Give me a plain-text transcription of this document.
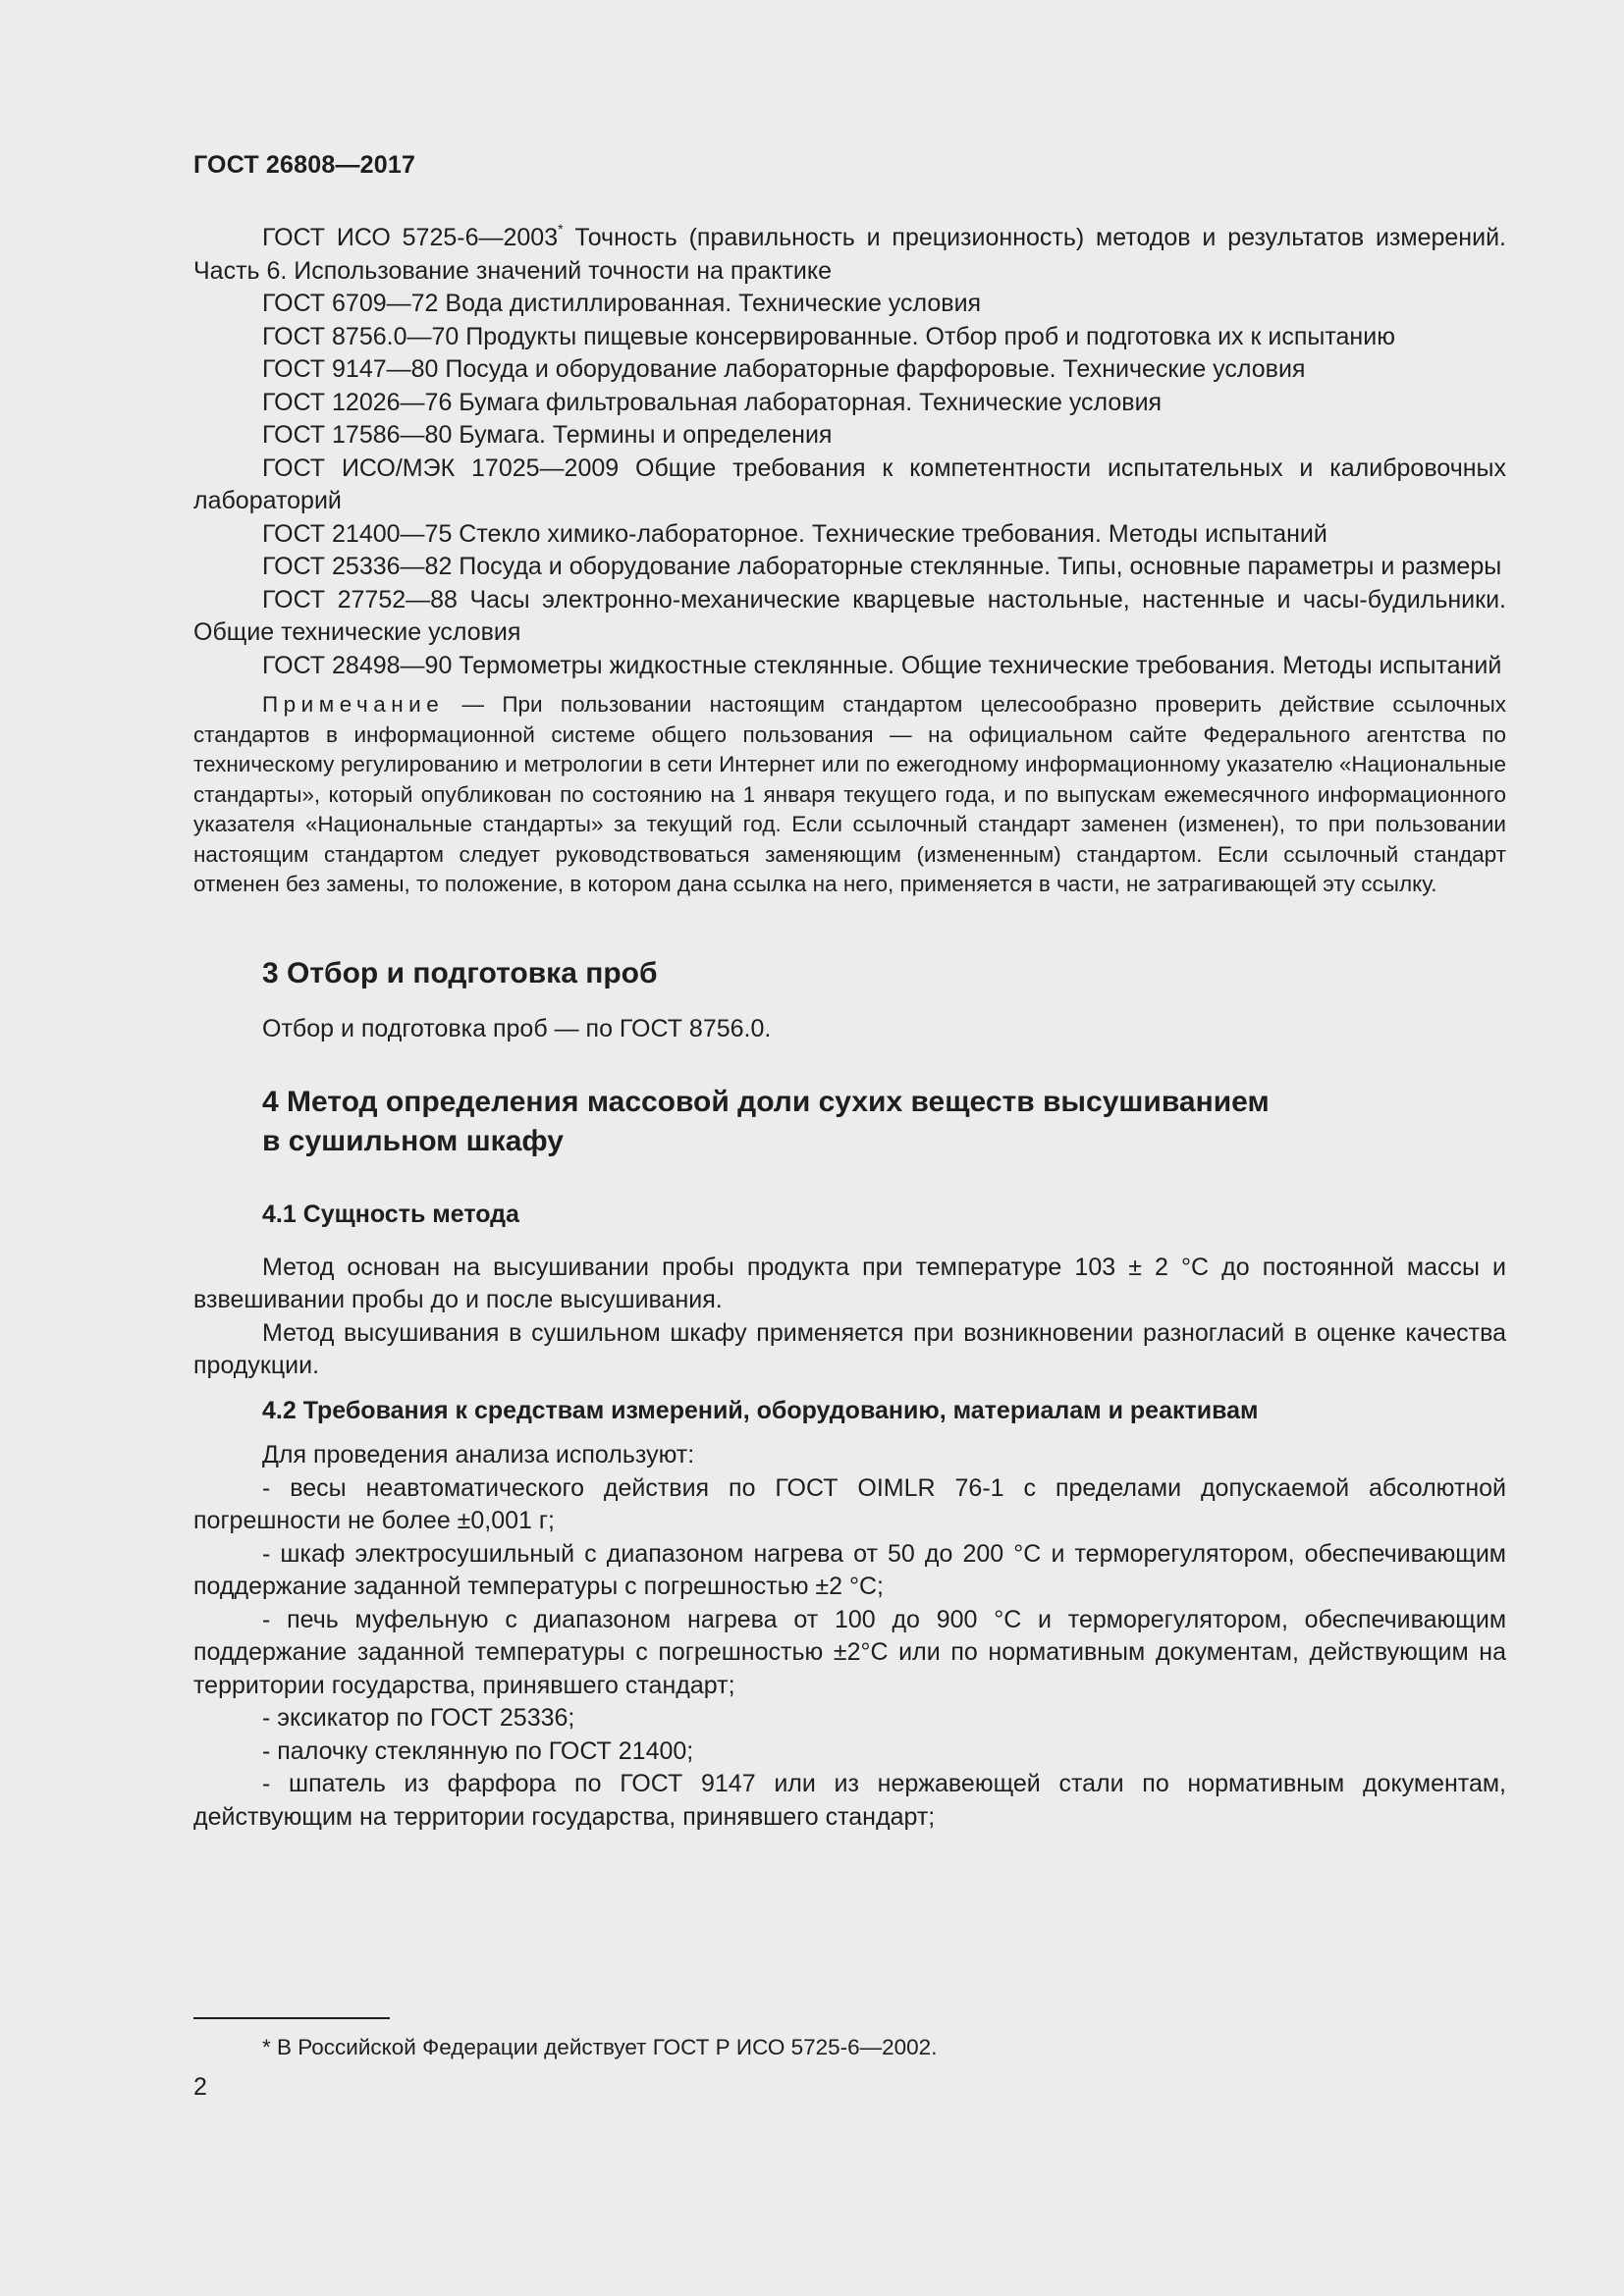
ГОСТ 26808—2017

ГОСТ ИСО 5725-6—2003* Точность (правильность и прецизионность) методов и результатов измерений. Часть 6. Использование значений точности на практике

ГОСТ 6709—72 Вода дистиллированная. Технические условия

ГОСТ 8756.0—70 Продукты пищевые консервированные. Отбор проб и подготовка их к испытанию

ГОСТ 9147—80 Посуда и оборудование лабораторные фарфоровые. Технические условия

ГОСТ 12026—76 Бумага фильтровальная лабораторная. Технические условия

ГОСТ 17586—80 Бумага. Термины и определения

ГОСТ ИСО/МЭК 17025—2009 Общие требования к компетентности испытательных и калибровочных лабораторий

ГОСТ 21400—75 Стекло химико-лабораторное. Технические требования. Методы испытаний

ГОСТ 25336—82 Посуда и оборудование лабораторные стеклянные. Типы, основные параметры и размеры

ГОСТ 27752—88 Часы электронно-механические кварцевые настольные, настенные и часы-будильники. Общие технические условия

ГОСТ 28498—90 Термометры жидкостные стеклянные. Общие технические требования. Методы испытаний

Примечание — При пользовании настоящим стандартом целесообразно проверить действие ссылочных стандартов в информационной системе общего пользования — на официальном сайте Федерального агентства по техническому регулированию и метрологии в сети Интернет или по ежегодному информационному указателю «Национальные стандарты», который опубликован по состоянию на 1 января текущего года, и по выпускам ежемесячного информационного указателя «Национальные стандарты» за текущий год. Если ссылочный стандарт заменен (изменен), то при пользовании настоящим стандартом следует руководствоваться заменяющим (измененным) стандартом. Если ссылочный стандарт отменен без замены, то положение, в котором дана ссылка на него, применяется в части, не затрагивающей эту ссылку.

3 Отбор и подготовка проб

Отбор и подготовка проб — по ГОСТ 8756.0.

4 Метод определения массовой доли сухих веществ высушиванием
в сушильном шкафу
4.1 Сущность метода

Метод основан на высушивании пробы продукта при температуре 103 ± 2 °С до постоянной массы и взвешивании пробы до и после высушивания.

Метод высушивания в сушильном шкафу применяется при возникновении разногласий в оценке качества продукции.

4.2 Требования к средствам измерений, оборудованию, материалам и реактивам

Для проведения анализа используют:

- весы неавтоматического действия по ГОСТ OIMLR 76-1 с пределами допускаемой абсолютной погрешности не более ±0,001 г;

- шкаф электросушильный с диапазоном нагрева от 50 до 200 °С и терморегулятором, обеспечивающим поддержание заданной температуры с погрешностью ±2 °С;

- печь муфельную с диапазоном нагрева от 100 до 900 °С и терморегулятором, обеспечивающим поддержание заданной температуры с погрешностью ±2°С или по нормативным документам, действующим на территории государства, принявшего стандарт;

- эксикатор по ГОСТ 25336;

- палочку стеклянную по ГОСТ 21400;

- шпатель из фарфора по ГОСТ 9147 или из нержавеющей стали по нормативным документам, действующим на территории государства, принявшего стандарт;

* В Российской Федерации действует ГОСТ Р ИСО 5725-6—2002.
2
